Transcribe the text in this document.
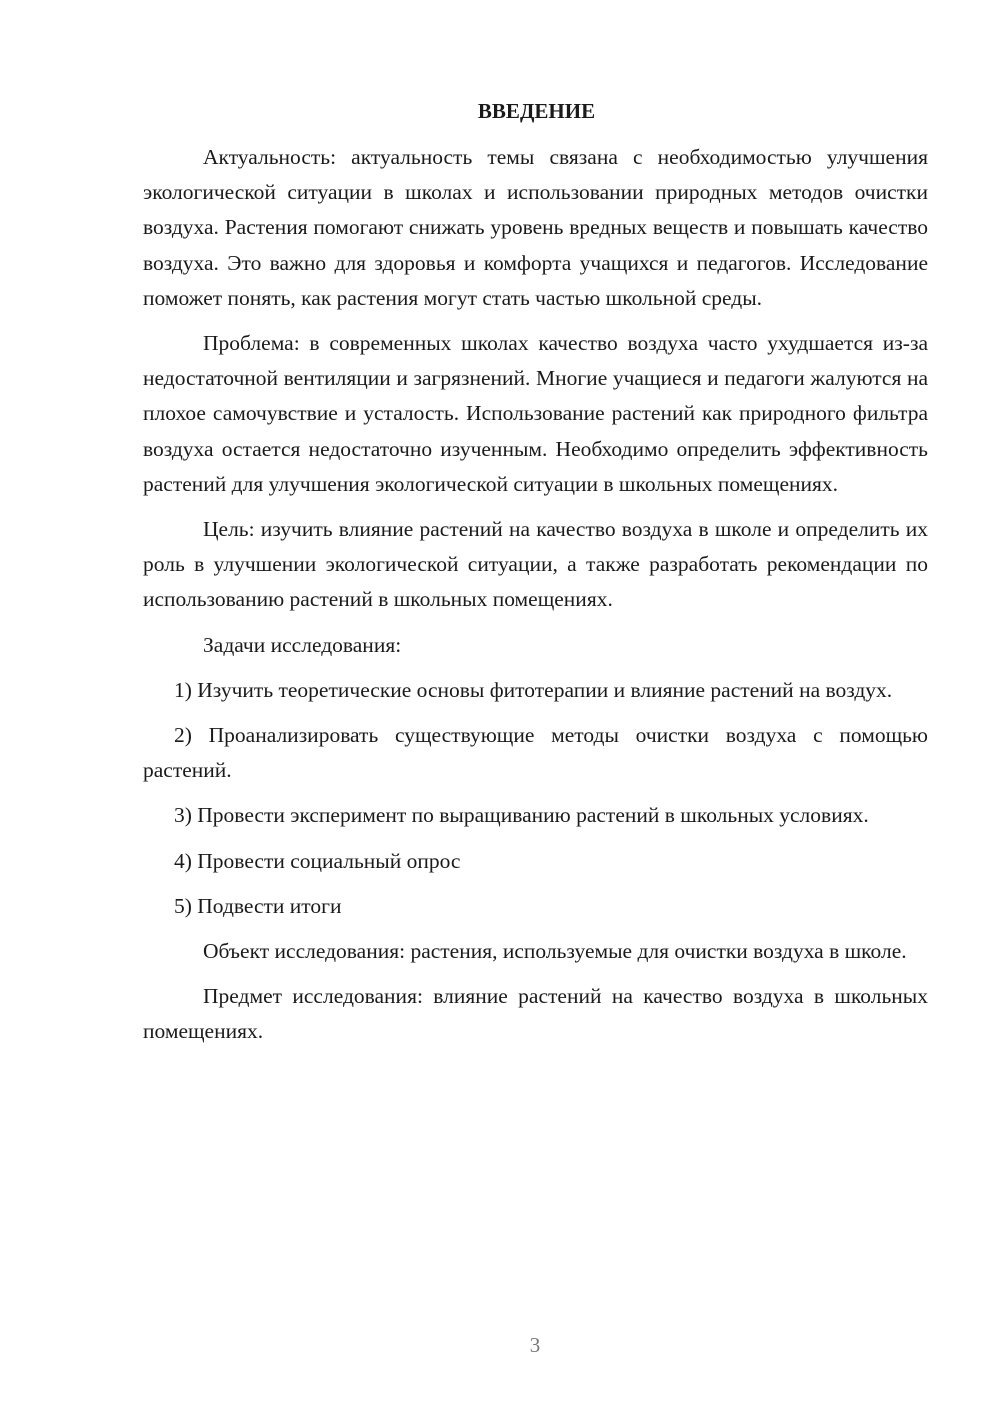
ВВЕДЕНИЕ

Актуальность: актуальность темы связана с необходимостью улучшения экологической ситуации в школах и использовании природных методов очистки воздуха. Растения помогают снижать уровень вредных веществ и повышать качество воздуха. Это важно для здоровья и комфорта учащихся и педагогов. Исследование поможет понять, как растения могут стать частью школьной среды.

Проблема: в современных школах качество воздуха часто ухудшается из-за недостаточной вентиляции и загрязнений. Многие учащиеся и педагоги жалуются на плохое самочувствие и усталость. Использование растений как природного фильтра воздуха остается недостаточно изученным. Необходимо определить эффективность растений для улучшения экологической ситуации в школьных помещениях.

Цель: изучить влияние растений на качество воздуха в школе и определить их роль в улучшении экологической ситуации, а также разработать рекомендации по использованию растений в школьных помещениях.

Задачи исследования:

1) Изучить теоретические основы фитотерапии и влияние растений на воздух.

2) Проанализировать существующие методы очистки воздуха с помощью растений.

3) Провести эксперимент по выращиванию растений в школьных условиях.

4) Провести социальный опрос

5) Подвести итоги

Объект исследования: растения, используемые для очистки воздуха в школе.

Предмет исследования: влияние растений на качество воздуха в школьных помещениях.

3
